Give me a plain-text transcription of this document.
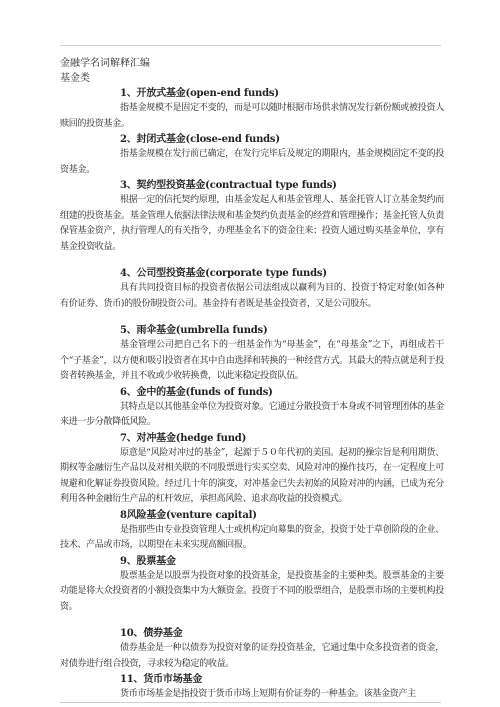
金融学名词解释汇编
基金类
1、开放式基金(open-end funds)
指基金规模不是固定不变的，而是可以随时根据市场供求情况发行新份额或被投资人赎回的投资基金。
2、封闭式基金(close-end funds)
指基金规模在发行前已确定，在发行完毕后及规定的期限内，基金规模固定不变的投资基金。
3、契约型投资基金(contractual type funds)
根据一定的信托契约原理，由基金发起人和基金管理人、基金托管人订立基金契约而组建的投资基金。基金管理人依据法律法规和基金契约负责基金的经营和管理操作；基金托管人负责保管基金资产，执行管理人的有关指令，办理基金名下的资金往来；投资人通过购买基金单位，享有基金投资收益。
4、公司型投资基金(corporate type funds)
具有共同投资目标的投资者依据公司法组成以赢利为目的、投资于特定对象(如各种有价证券、货币)的股份制投资公司。基金持有者既是基金投资者，又是公司股东。
5、雨伞基金(umbrella funds)
基金管理公司把自己名下的一组基金作为“母基金”，在“母基金”之下，再组成若干个“子基金”，以方便和吸引投资者在其中自由选择和转换的一种经营方式。其最大的特点就是利于投资者转换基金，并且不收或少收转换费，以此来稳定投资队伍。
6、金中的基金(funds of funds)
其特点是以其他基金单位为投资对象。它通过分散投资于本身或不同管理团体的基金来进一步分散降低风险。
7、对冲基金(hedge fund)
原意是“风险对冲过的基金”，起源于５０年代初的美国。起初的操宗旨是利用期货、期权等金融衍生产品以及对相关联的不同股票进行实买空卖、风险对冲的操作技巧，在一定程度上可规避和化解证券投资风险。经过几十年的演变，对冲基金已失去初始的风险对冲的内涵，已成为充分利用各种金融衍生产品的杠杆效应，承担高风险、追求高收益的投资模式。
8风险基金(venture capital)
是指那些由专业投资管理人士或机构定向募集的资金，投资于处于草创阶段的企业、技术、产品或市场，以期望在未来实现高额回报。
9、股票基金
股票基金是以股票为投资对象的投资基金，是投资基金的主要种类。股票基金的主要功能是将大众投资者的小额投资集中为大额资金。投资于不同的股票组合，是股票市场的主要机构投资。
10、债券基金
债券基金是一种以债券为投资对象的证券投资基金，它通过集中众多投资者的资金，对债券进行组合投资，寻求较为稳定的收益。
11、货币市场基金
货币市场基金是指投资于货币市场上短期有价证券的一种基金。该基金资产主
